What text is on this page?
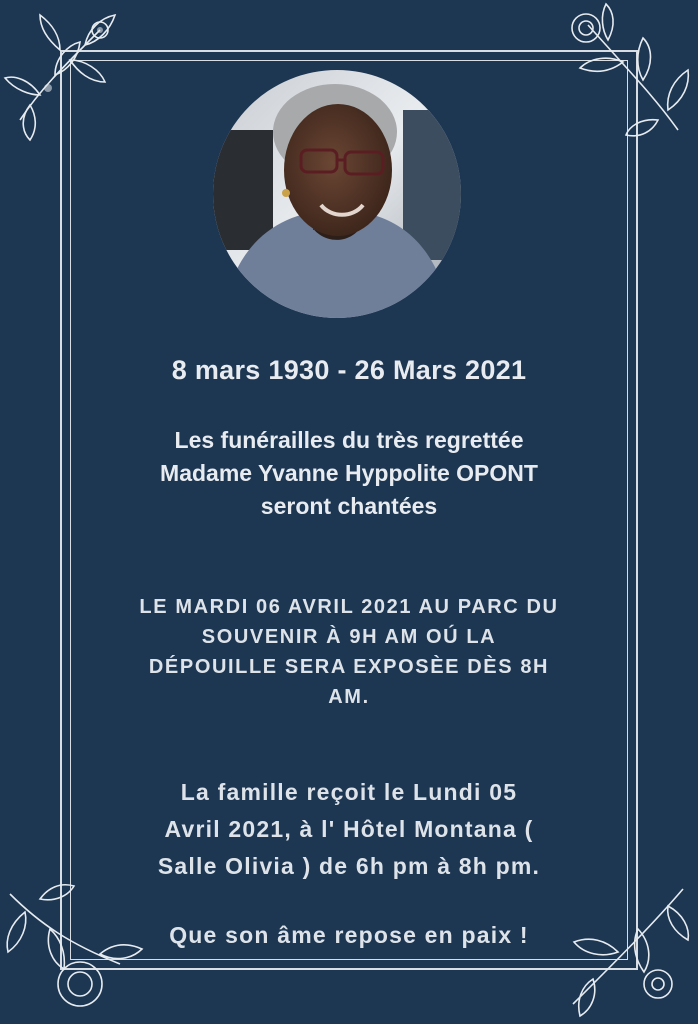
8 mars 1930 - 26 Mars 2021
Les funérailles du très regrettée
Madame Yvanne Hyppolite OPONT
seront chantées
LE MARDI 06 AVRIL 2021 AU PARC DU
SOUVENIR À 9H AM OÚ LA
DÉPOUILLE SERA EXPOSÈE DÈS 8H
AM.
La famille reçoit le Lundi 05
Avril 2021, à l' Hôtel Montana (
Salle Olivia ) de 6h pm à 8h pm.
Que son âme repose en paix !
